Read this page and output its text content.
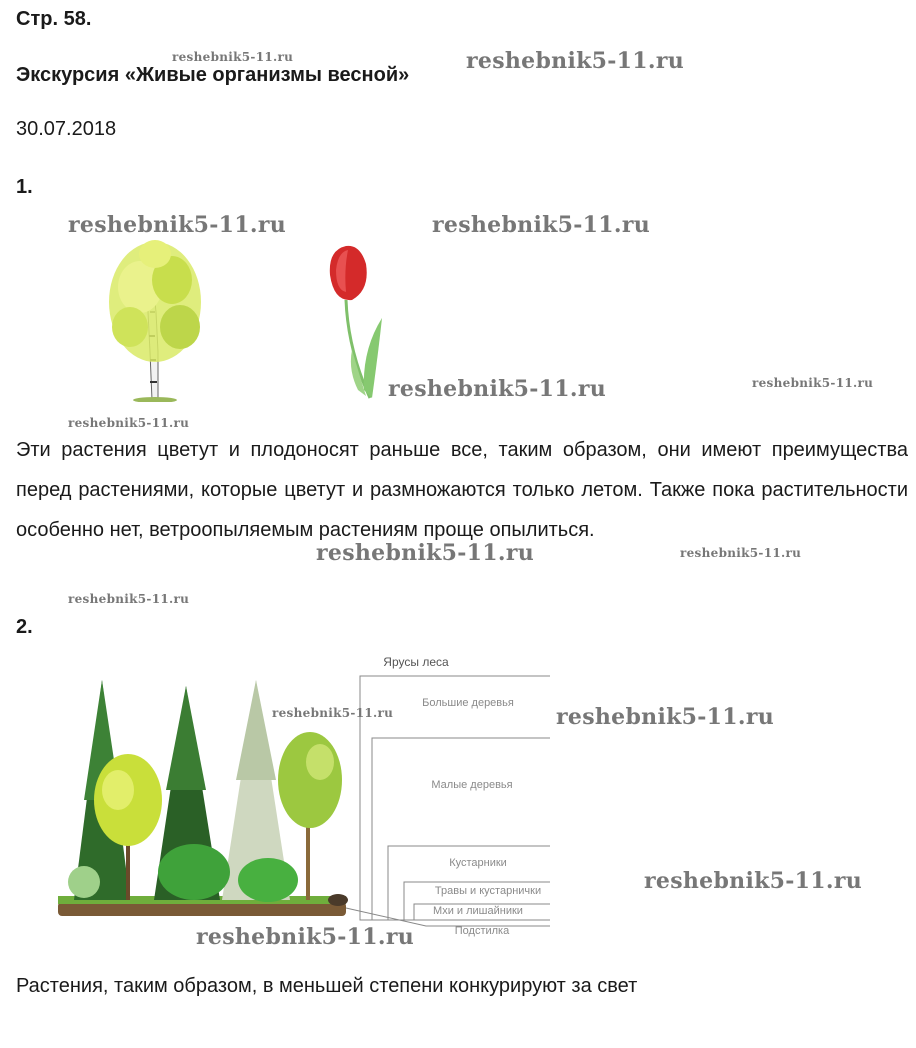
Стр. 58.
Экскурсия «Живые организмы весной»
30.07.2018
1.

Эти растения цветут и плодоносят раньше все, таким образом, они имеют преимущества перед растениями, которые цветут и размножаются только летом. Также пока растительности особенно нет, ветроопыляемым растениям проще опылиться.

2.
Ярусы леса
Большие деревья
Малые деревья
Кустарники
Травы и кустарнички
Мхи и лишайники
Подстилка

Растения, таким образом, в меньшей степени конкурируют за свет

reshebnik5-11.ru	reshebnik5-11.ru
reshebnik5-11.ru	reshebnik5-11.ru
reshebnik5-11.ru	reshebnik5-11.ru
reshebnik5-11.ru
reshebnik5-11.ru	reshebnik5-11.ru
reshebnik5-11.ru
reshebnik5-11.ru	reshebnik5-11.ru
reshebnik5-11.ru
reshebnik5-11.ru
